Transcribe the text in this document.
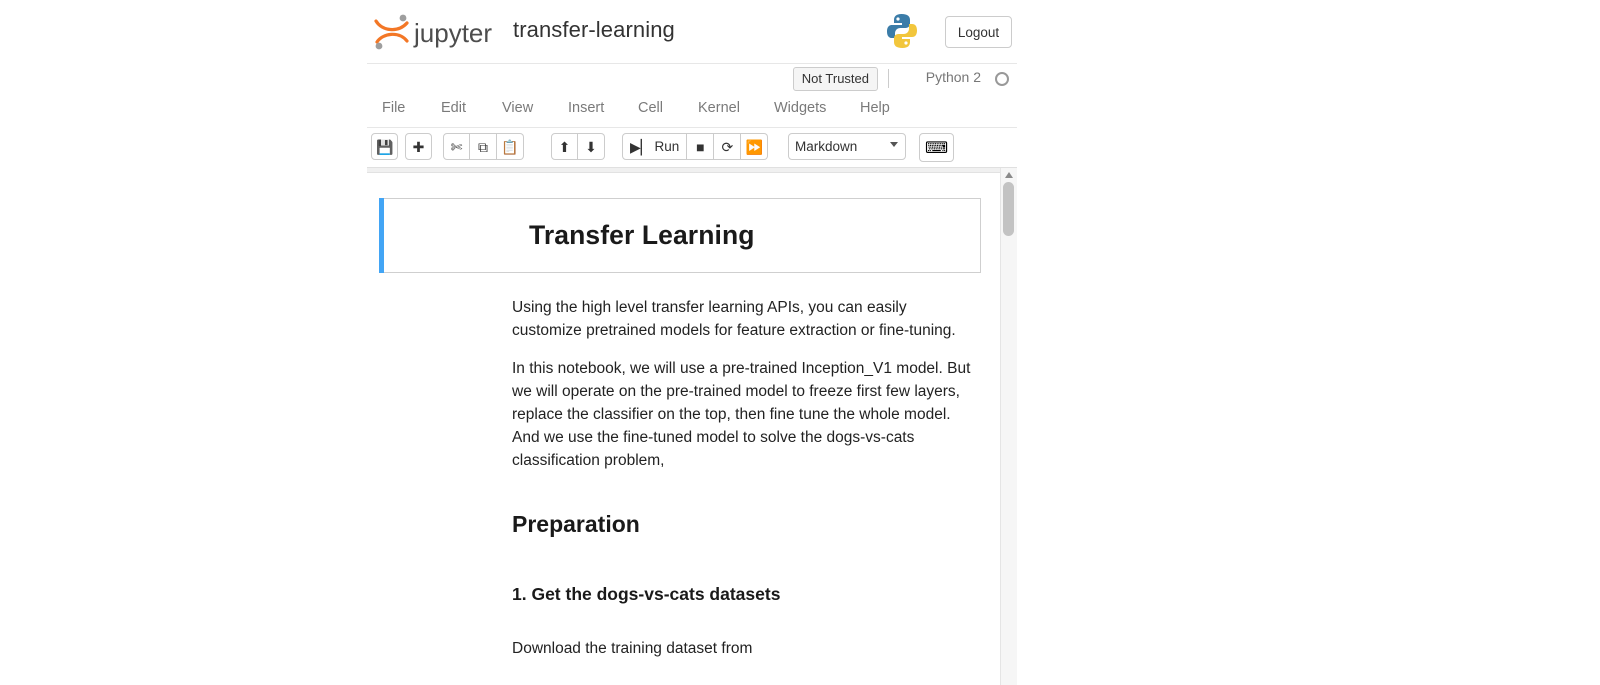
jupyter transfer-learning	Logout
Not Trusted	Python 2
File Edit View Insert Cell Kernel Widgets Help
💾 ✚ ✄ ⧉ 📋	⬆ ⬇ ▶▏ Run ■ ⟳ ⏩ Markdown	⌨
Transfer Learning
Using the high level transfer learning APIs, you can easily customize pretrained models for feature extraction or fine-tuning.
In this notebook, we will use a pre-trained Inception_V1 model. But we will operate on the pre-trained model to freeze first few layers, replace the classifier on the top, then fine tune the whole model. And we use the fine-tuned model to solve the dogs-vs-cats classification problem,
Preparation
1. Get the dogs-vs-cats datasets
Download the training dataset from
